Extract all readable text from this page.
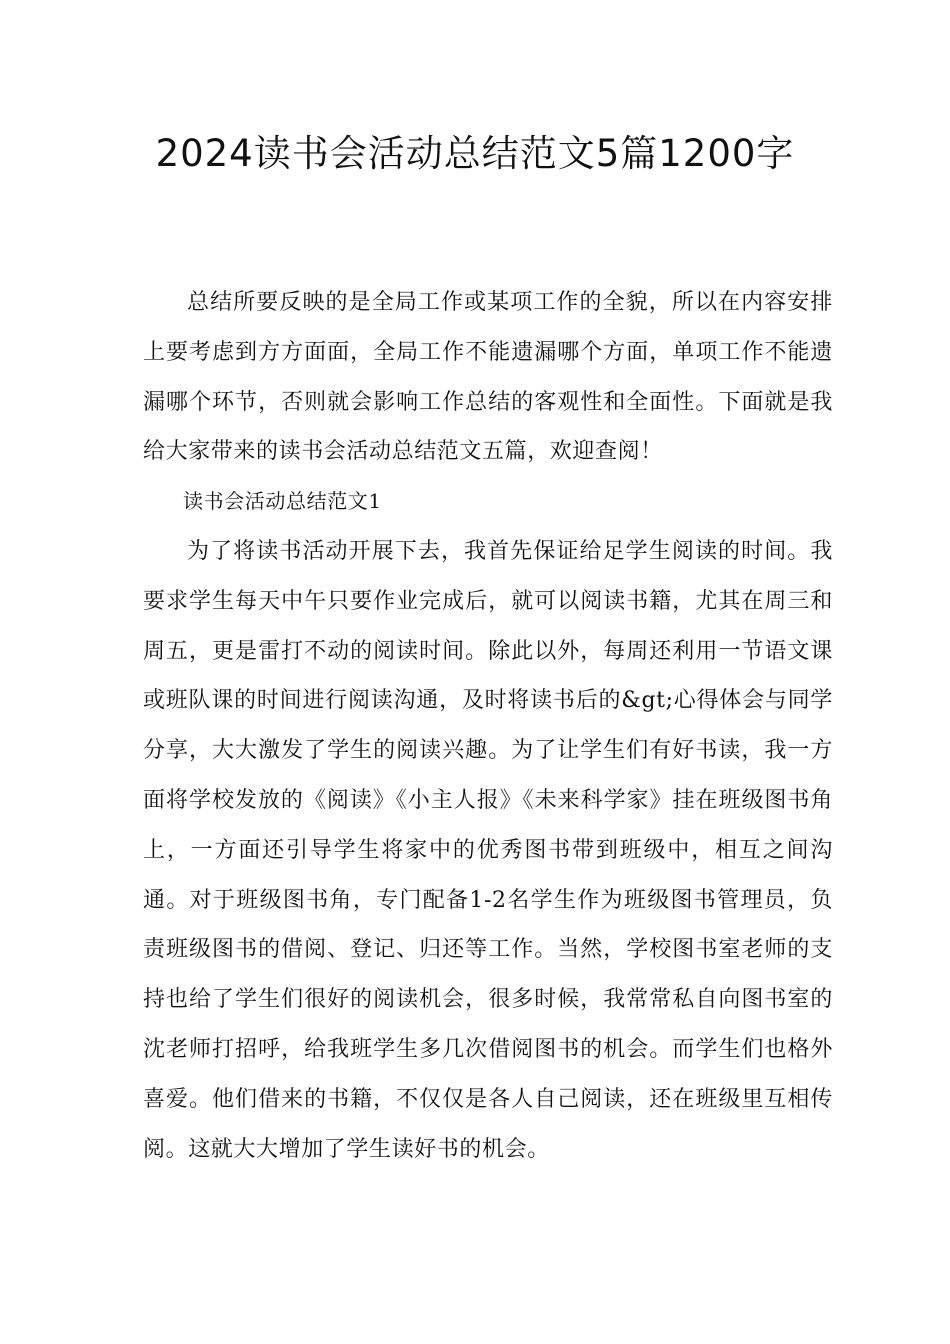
2024读书会活动总结范文5篇1200字

总结所要反映的是全局工作或某项工作的全貌，所以在内容安排上要考虑到方方面面，全局工作不能遗漏哪个方面，单项工作不能遗漏哪个环节，否则就会影响工作总结的客观性和全面性。下面就是我给大家带来的读书会活动总结范文五篇，欢迎查阅！

读书会活动总结范文1

为了将读书活动开展下去，我首先保证给足学生阅读的时间。我要求学生每天中午只要作业完成后，就可以阅读书籍，尤其在周三和周五，更是雷打不动的阅读时间。除此以外，每周还利用一节语文课或班队课的时间进行阅读沟通，及时将读书后的&gt;心得体会与同学分享，大大激发了学生的阅读兴趣。为了让学生们有好书读，我一方面将学校发放的《阅读》《小主人报》《未来科学家》挂在班级图书角上，一方面还引导学生将家中的优秀图书带到班级中，相互之间沟通。对于班级图书角，专门配备1-2名学生作为班级图书管理员，负责班级图书的借阅、登记、归还等工作。当然，学校图书室老师的支持也给了学生们很好的阅读机会，很多时候，我常常私自向图书室的沈老师打招呼，给我班学生多几次借阅图书的机会。而学生们也格外喜爱。他们借来的书籍，不仅仅是各人自己阅读，还在班级里互相传阅。这就大大增加了学生读好书的机会。
